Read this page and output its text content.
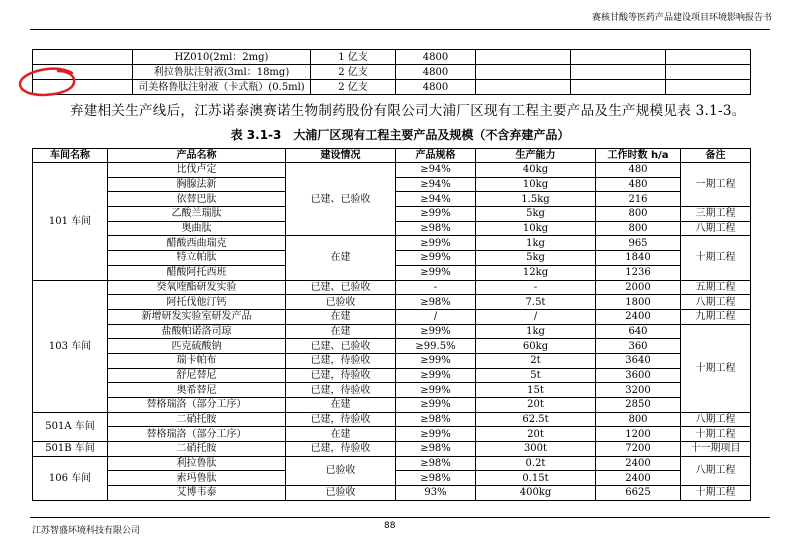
赛核甘酸等医药产品建设项目环境影响报告书
	HZ010(2ml：2mg)	1 亿支	4800			
	利拉鲁肽注射液(3ml：18mg)	2 亿支	4800			
	司美格鲁肽注射液（卡式瓶）(0.5ml)	2 亿支	4800			
弃建相关生产线后，江苏诺泰澳赛诺生物制药股份有限公司大浦厂区现有工程主要产品及生产规模见表 3.1-3。
表 3.1-3　大浦厂区现有工程主要产品及规模（不含弃建产品）
车间名称	产品名称	建设情况	产品规格	生产能力	工作时数 h/a	备注
101 车间	比伐卢定	已建、已验收	≥94%	40kg	480	一期工程
	胸腺法新		≥94%	10kg	480	
	依替巴肽		≥94%	1.5kg	216	
	乙酸兰瑞肽		≥99%	5kg	800	三期工程
	奥曲肽		≥98%	10kg	800	八期工程
	醋酸西曲瑞克	在建	≥99%	1kg	965	十期工程
	特立帕肽		≥99%	5kg	1840	
	醋酸阿托西班		≥99%	12kg	1236	
103 车间	癸氧喹酯研发实验	已建、已验收	-	-	2000	五期工程
	阿托伐他汀钙	已验收	≥98%	7.5t	1800	八期工程
	新增研发实验室研发产品	在建	/	/	2400	九期工程
	盐酸帕诺洛司琼	在建	≥99%	1kg	640	十期工程
	匹克硫酸钠	已建、已验收	≥99.5%	60kg	360	
	瑞卡帕布	已建，待验收	≥99%	2t	3640	
	舒尼替尼	已建，待验收	≥99%	5t	3600	
	奥希替尼	已建，待验收	≥99%	15t	3200	
	替格瑞洛（部分工序）	在建	≥99%	20t	2850	
501A 车间	二硝托胺	已建，待验收	≥98%	62.5t	800	八期工程
	替格瑞洛（部分工序）	在建	≥99%	20t	1200	十期工程
501B 车间	二硝托胺	已建，待验收	≥98%	300t	7200	十一期项目
106 车间	利拉鲁肽	已验收	≥98%	0.2t	2400	八期工程
	索玛鲁肽		≥98%	0.15t	2400	
	艾博韦泰	已验收	93%	400kg	6625	十期工程
江苏智盛环境科技有限公司	88
